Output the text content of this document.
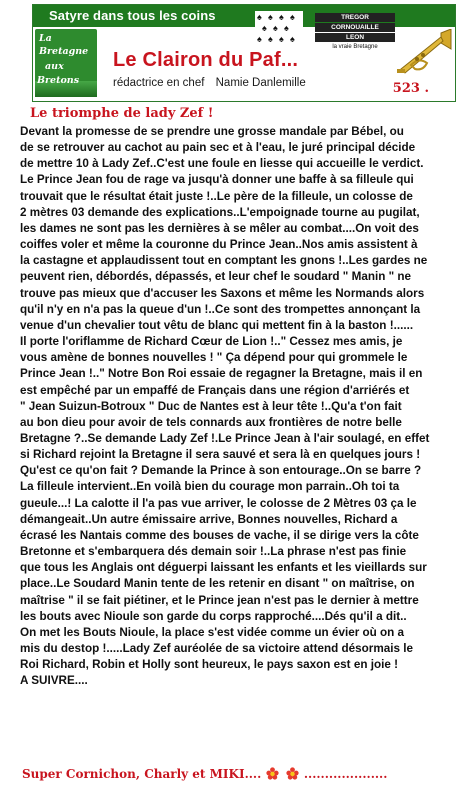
Satyre dans tous les coins	♠ ♠ ♠ ♠
♠ ♠ ♠
♠ ♠ ♠ ♠
TREGOR
CORNOUAILLE
LEON
la vraie Bretagne
La
Bretagne
aux
Bretons
Le Clairon du Paf...
rédactrice en chef Namie Danlemille	523 .
Le triomphe de lady Zef !
Devant la promesse de se prendre une grosse mandale par Bébel, ou
de se retrouver au cachot au pain sec et à l'eau, le juré principal décide
de mettre 10 à Lady Zef..C'est une foule en liesse qui accueille le verdict.
Le Prince Jean fou de rage va jusqu'à donner une baffe à sa filleule qui
trouvait que le résultat était juste !..Le père de la filleule, un colosse de
2 mètres 03 demande des explications..L'empoignade tourne au pugilat,
les dames ne sont pas les dernières à se mêler au combat....On voit des
coiffes voler et même la couronne du Prince Jean..Nos amis assistent à
la castagne et applaudissent tout en comptant les gnons !..Les gardes ne
peuvent rien, débordés, dépassés, et leur chef le soudard " Manin " ne
trouve pas mieux que d'accuser les Saxons et même les Normands alors
qu'il n'y en n'a pas la queue d'un !..Ce sont des trompettes annonçant la
venue d'un chevalier tout vêtu de blanc qui mettent fin à la baston !......
Il porte l'oriflamme de Richard Cœur de Lion !.." Cessez mes amis, je
vous amène de bonnes nouvelles ! " Ça dépend pour qui grommele le
Prince Jean !.." Notre Bon Roi essaie de regagner la Bretagne, mais il en
est empêché par un empaffé de Français dans une région d'arriérés et
" Jean Suizun-Botroux " Duc de Nantes est à leur tête !..Qu'a t'on fait
au bon dieu pour avoir de tels connards aux frontières de notre belle
Bretagne ?..Se demande Lady Zef !.Le Prince Jean à l'air soulagé, en effet
si Richard rejoint la Bretagne il sera sauvé et sera là en quelques jours !
Qu'est ce qu'on fait ? Demande la Prince à son entourage..On se barre ?
La filleule intervient..En voilà bien du courage mon parrain..Oh toi ta
gueule...! La calotte il l'a pas vue arriver, le colosse de 2 Mètres 03 ça le
démangeait..Un autre émissaire arrive, Bonnes nouvelles, Richard a
écrasé les Nantais comme des bouses de vache, il se dirige vers la côte
Bretonne et s'embarquera dés demain soir !..La phrase n'est pas finie
que tous les Anglais ont déguerpi laissant les enfants et les vieillards sur
place..Le Soudard Manin tente de les retenir en disant " on maîtrise, on
maîtrise " il se fait piétiner, et le Prince jean n'est pas le dernier à mettre
les bouts avec Nioule son garde du corps rapproché....Dés qu'il a dit..
On met les Bouts Nioule, la place s'est vidée comme un évier où on a
mis du destop !.....Lady Zef auréolée de sa victoire attend désormais le
Roi Richard, Robin et Holly sont heureux, le pays saxon est en joie !
A SUIVRE....
Super Cornichon, Charly et MIKI....	....................
